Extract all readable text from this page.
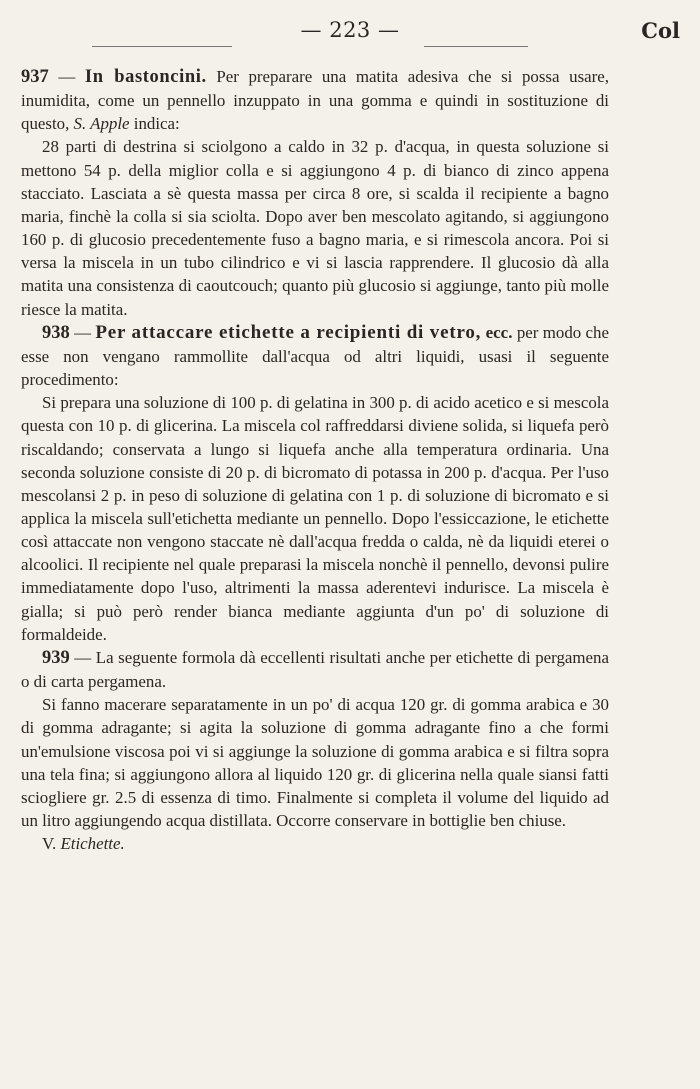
— 223 —	Col

937 — In bastoncini. Per preparare una matita adesiva che si possa usare, inumidita, come un pennello inzuppato in una gomma e quindi in sostituzione di questo, S. Apple indica:

28 parti di destrina si sciolgono a caldo in 32 p. d'acqua, in questa soluzione si mettono 54 p. della miglior colla e si aggiungono 4 p. di bianco di zinco appena stacciato. Lasciata a sè questa massa per circa 8 ore, si scalda il recipiente a bagno maria, finchè la colla si sia sciolta. Dopo aver ben mescolato agitando, si aggiungono 160 p. di glucosio precedentemente fuso a bagno maria, e si rimescola ancora. Poi si versa la miscela in un tubo cilindrico e vi si lascia rapprendere. Il glucosio dà alla matita una consistenza di caoutcouch; quanto più glucosio si aggiunge, tanto più molle riesce la matita.

938 — Per attaccare etichette a recipienti di vetro, ecc. per modo che esse non vengano rammollite dall'acqua od altri liquidi, usasi il seguente procedimento:

Si prepara una soluzione di 100 p. di gelatina in 300 p. di acido acetico e si mescola questa con 10 p. di glicerina. La miscela col raffreddarsi diviene solida, si liquefa però riscaldando; conservata a lungo si liquefa anche alla temperatura ordinaria. Una seconda soluzione consiste di 20 p. di bicromato di potassa in 200 p. d'acqua. Per l'uso mescolansi 2 p. in peso di soluzione di gelatina con 1 p. di soluzione di bicromato e si applica la miscela sull'etichetta mediante un pennello. Dopo l'essiccazione, le etichette così attaccate non vengono staccate nè dall'acqua fredda o calda, nè da liquidi eterei o alcoolici. Il recipiente nel quale preparasi la miscela nonchè il pennello, devonsi pulire immediatamente dopo l'uso, altrimenti la massa aderentevi indurisce. La miscela è gialla; si può però render bianca mediante aggiunta d'un po' di soluzione di formaldeide.

939 — La seguente formola dà eccellenti risultati anche per etichette di pergamena o di carta pergamena.

Si fanno macerare separatamente in un po' di acqua 120 gr. di gomma arabica e 30 di gomma adragante; si agita la soluzione di gomma adragante fino a che formi un'emulsione viscosa poi vi si aggiunge la soluzione di gomma arabica e si filtra sopra una tela fina; si aggiungono allora al liquido 120 gr. di glicerina nella quale siansi fatti sciogliere gr. 2.5 di essenza di timo. Finalmente si completa il volume del liquido ad un litro aggiungendo acqua distillata. Occorre conservare in bottiglie ben chiuse.

V. Etichette.
